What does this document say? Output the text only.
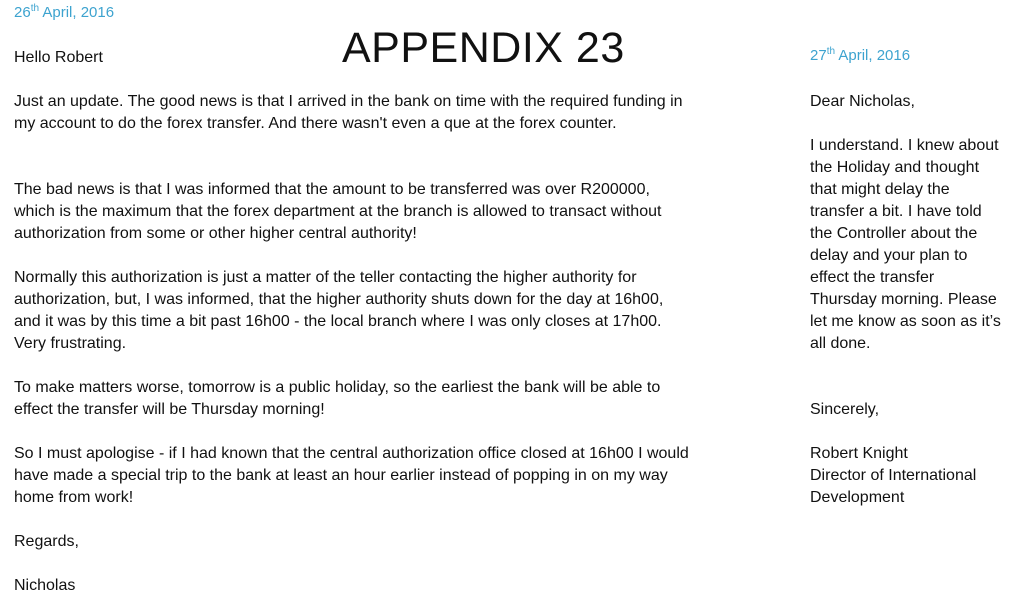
26th April, 2016
APPENDIX 23	27th April, 2016

Hello Robert

Just an update. The good news is that I arrived in the bank on time with the required funding in my account to do the forex transfer. And there wasn't even a que at the forex counter.

The bad news is that I was informed that the amount to be transferred was over R200000, which is the maximum that the forex department at the branch is allowed to transact without authorization from some or other higher central authority!

Normally this authorization is just a matter of the teller contacting the higher authority for authorization, but, I was informed, that the higher authority shuts down for the day at 16h00, and it was by this time a bit past 16h00 - the local branch where I was only closes at 17h00. Very frustrating.

To make matters worse, tomorrow is a public holiday, so the earliest the bank will be able to effect the transfer will be Thursday morning!

So I must apologise - if I had known that the central authorization office closed at 16h00 I would have made a special trip to the bank at least an hour earlier instead of popping in on my way home from work!

Regards,

Nicholas

Dear Nicholas,

I understand. I knew about the Holiday and thought that might delay the transfer a bit. I have told the Controller about the delay and your plan to effect the transfer Thursday morning. Please let me know as soon as it’s all done.

Sincerely,

Robert Knight

Director of International Development
